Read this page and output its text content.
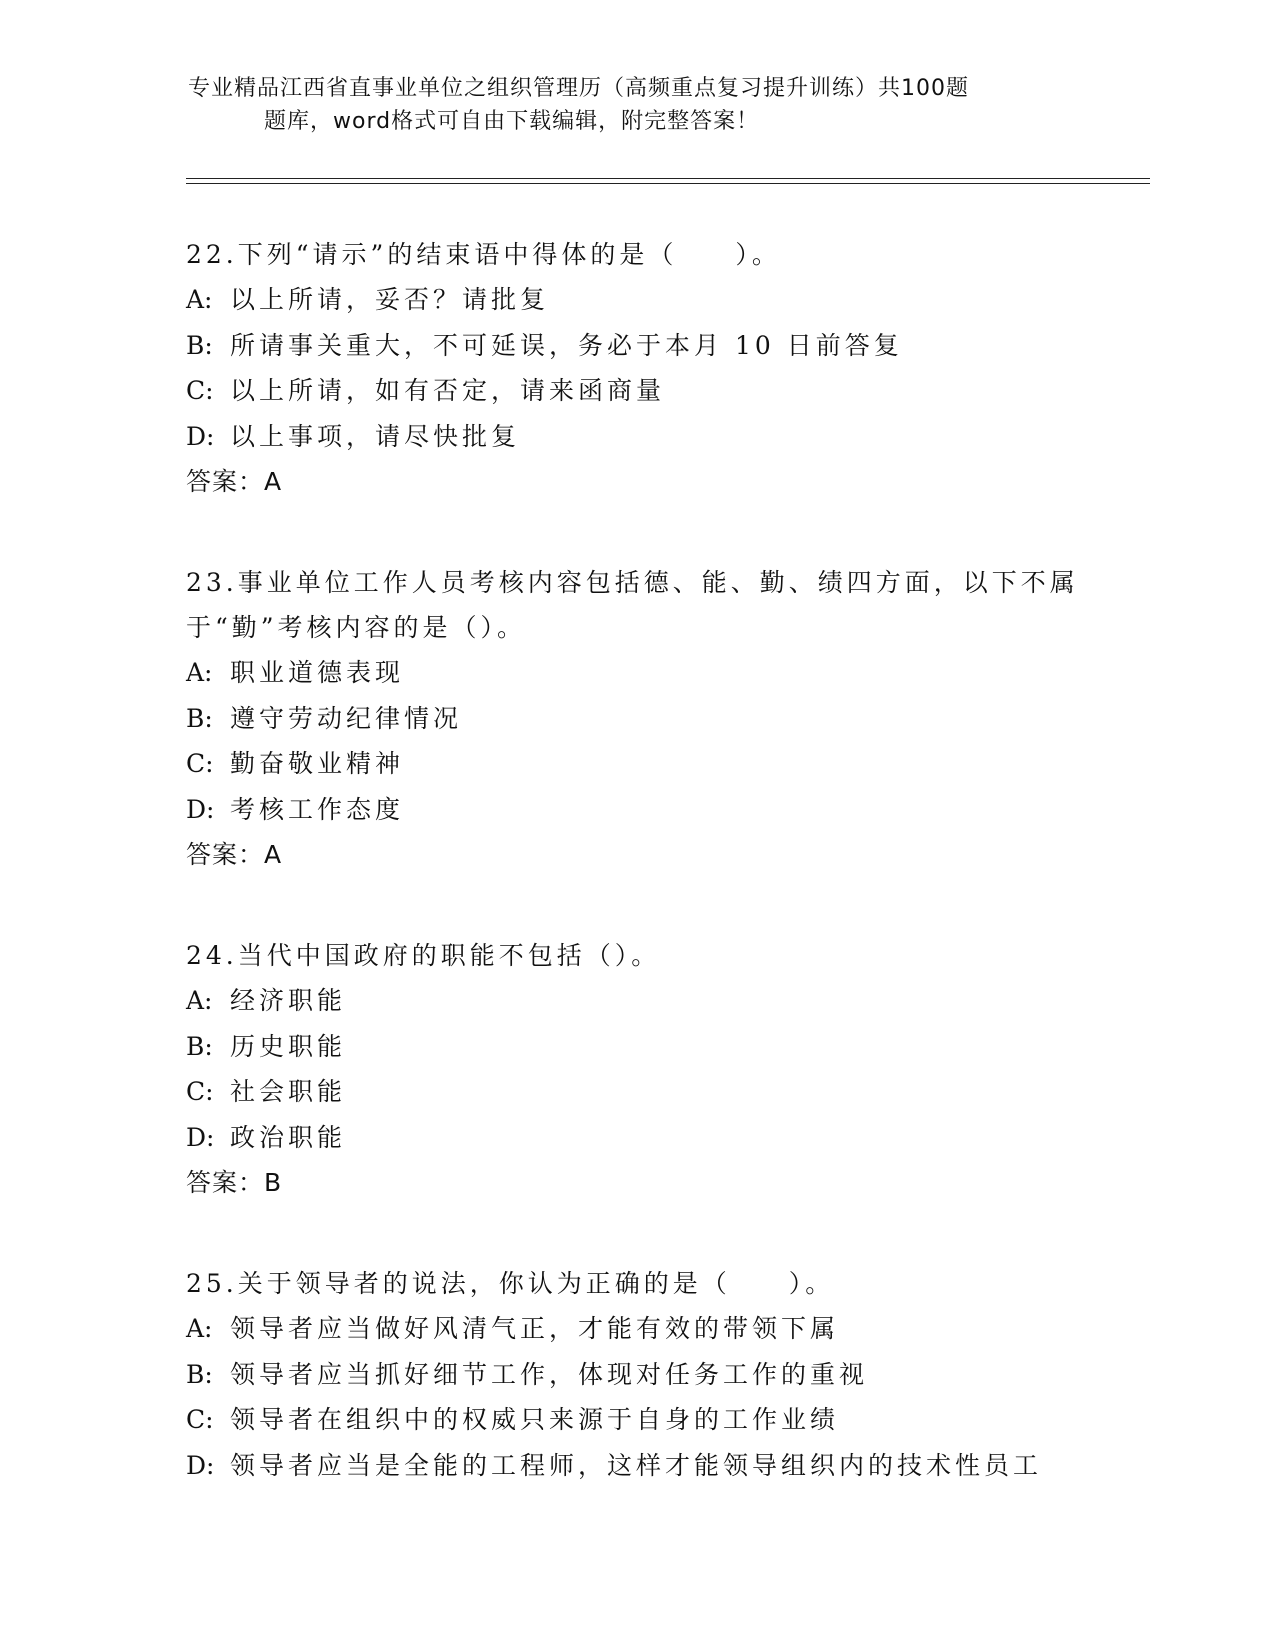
专业精品江西省直事业单位之组织管理历（高频重点复习提升训练）共100题
题库，word格式可自由下载编辑，附完整答案！
22.下列“请示”的结束语中得体的是（　　）。
A: 以上所请，妥否？请批复
B: 所请事关重大，不可延误，务必于本月 10 日前答复
C: 以上所请，如有否定，请来函商量
D: 以上事项，请尽快批复
答案：A
23.事业单位工作人员考核内容包括德、能、勤、绩四方面，以下不属于“勤”考核内容的是（）。
A: 职业道德表现
B: 遵守劳动纪律情况
C: 勤奋敬业精神
D: 考核工作态度
答案：A
24.当代中国政府的职能不包括（）。
A: 经济职能
B: 历史职能
C: 社会职能
D: 政治职能
答案：B
25.关于领导者的说法，你认为正确的是（　　）。
A: 领导者应当做好风清气正，才能有效的带领下属
B: 领导者应当抓好细节工作，体现对任务工作的重视
C: 领导者在组织中的权威只来源于自身的工作业绩
D: 领导者应当是全能的工程师，这样才能领导组织内的技术性员工
